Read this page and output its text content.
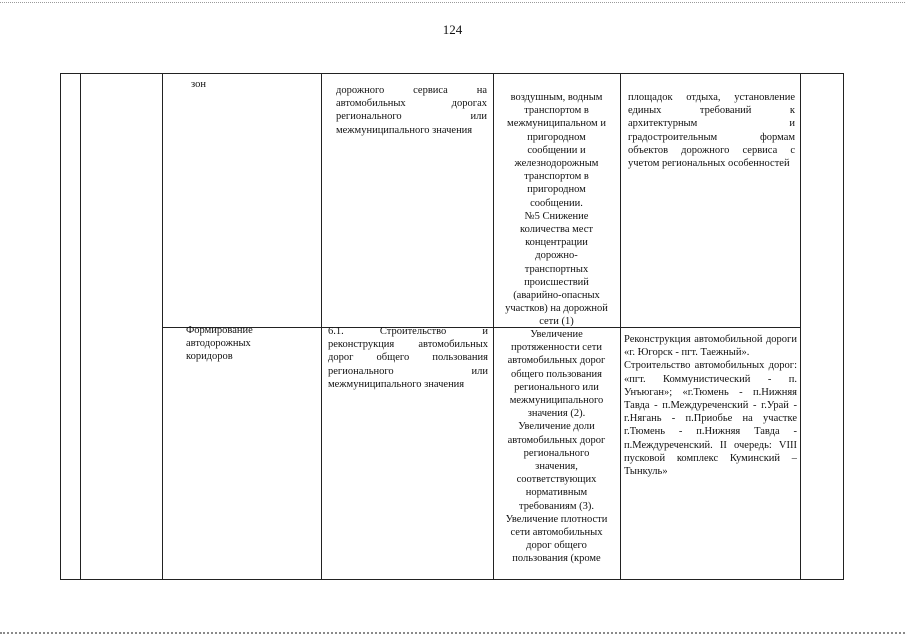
124
зон
дорожного сервиса на автомобильных дорогах регионального или межмуниципального значения
воздушным, водным
транспортом в
межмуниципальном и
пригородном
сообщении и
железнодорожным
транспортом в
пригородном
сообщении.
№5 Снижение
количества мест
концентрации
дорожно-
транспортных
происшествий
(аварийно-опасных
участков) на дорожной
сети (1)
площадок отдыха, установление единых требований к архитектурным и градостроительным формам объектов дорожного сервиса с учетом региональных особенностей
Формирование
автодорожных
коридоров
6.1. Строительство и реконструкция автомобильных дорог общего пользования регионального или межмуниципального значения
Увеличение
протяженности сети
автомобильных дорог
общего пользования
регионального или
межмуниципального
значения (2).
Увеличение доли
автомобильных дорог
регионального
значения,
соответствующих
нормативным
требованиям (3).
Увеличение плотности
сети автомобильных
дорог общего
пользования (кроме
Реконструкция автомобильной дороги «г. Югорск - пгт. Таежный».
Строительство автомобильных дорог: «пгт. Коммунистический - п. Унъюган»; «г.Тюмень - п.Нижняя Тавда - п.Междуреченский - г.Урай - г.Нягань - п.Приобье на участке г.Тюмень - п.Нижняя Тавда - п.Междуреченский. II очередь: VIII пусковой комплекс Куминский – Тынкуль»
